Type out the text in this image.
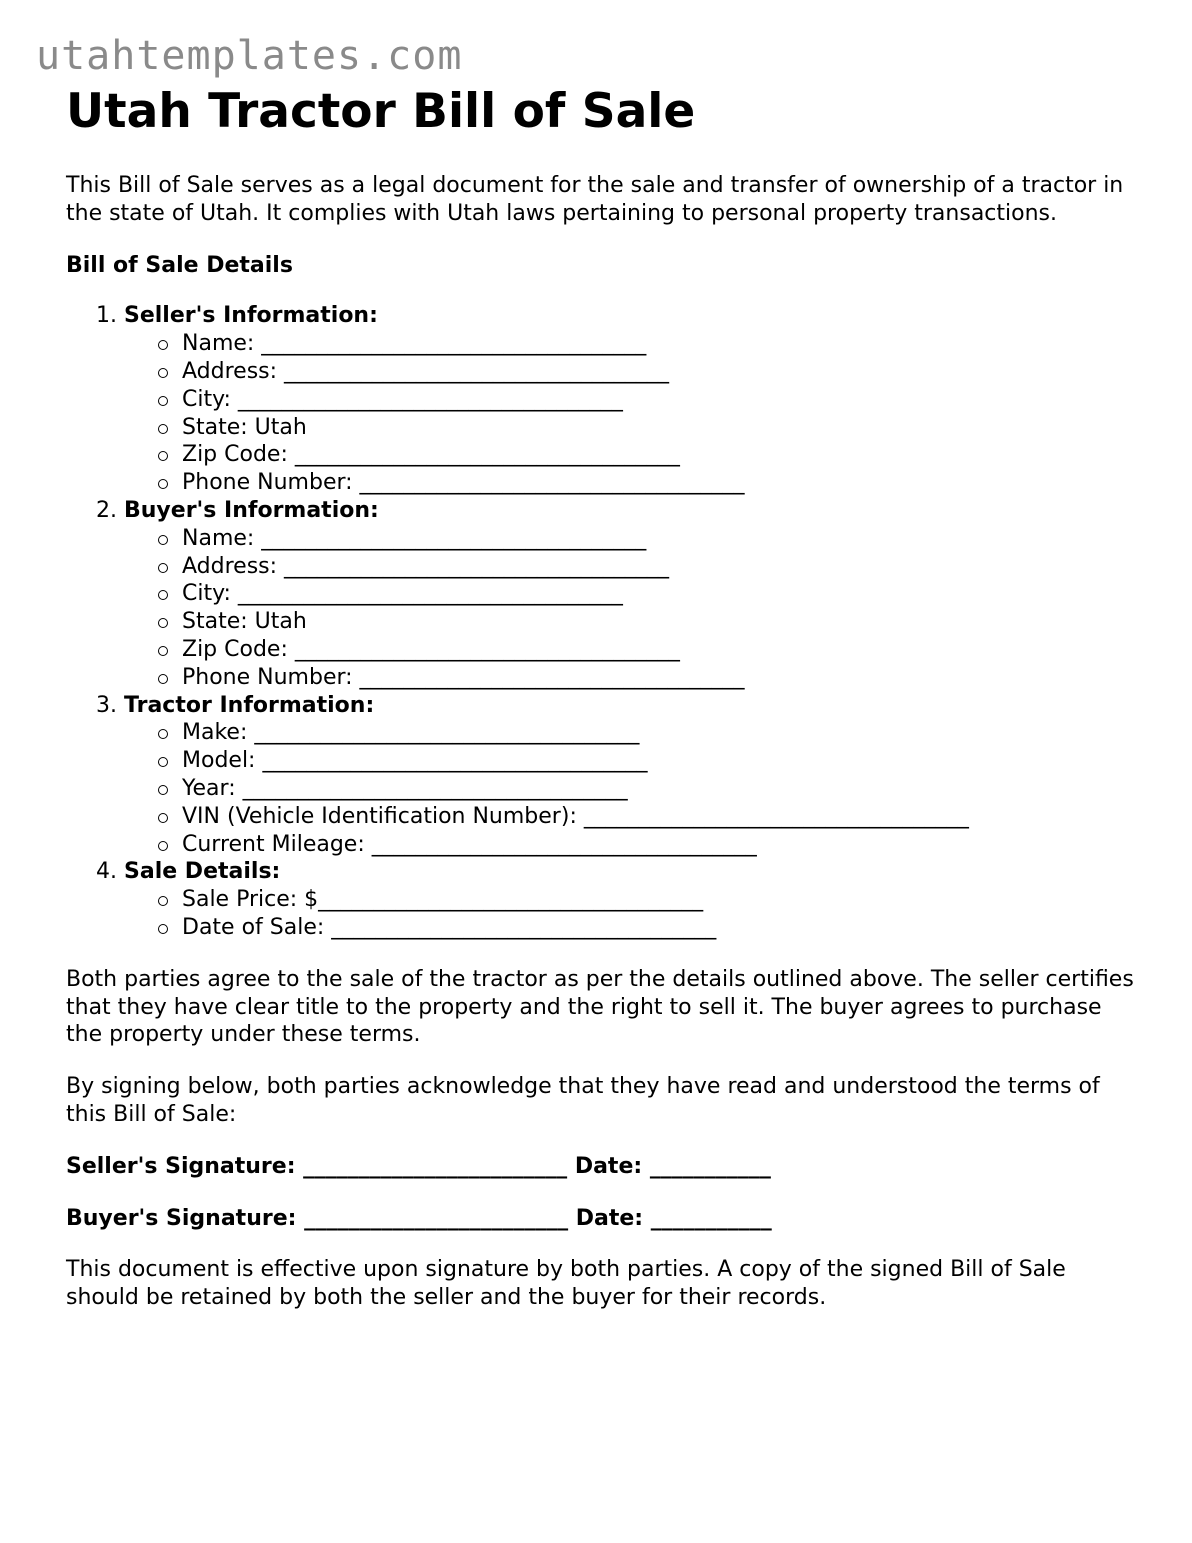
utahtemplates.com
Utah Tractor Bill of Sale

This Bill of Sale serves as a legal document for the sale and transfer of ownership of a tractor in the state of Utah. It complies with Utah laws pertaining to personal property transactions.

Bill of Sale Details

1. Seller's Information:
Name: ___________________________________
Address: ___________________________________
City: ___________________________________
State: Utah
Zip Code: ___________________________________
Phone Number: ___________________________________
2. Buyer's Information:
Name: ___________________________________
Address: ___________________________________
City: ___________________________________
State: Utah
Zip Code: ___________________________________
Phone Number: ___________________________________
3. Tractor Information:
Make: ___________________________________
Model: ___________________________________
Year: ___________________________________
VIN (Vehicle Identification Number): ___________________________________
Current Mileage: ___________________________________
4. Sale Details:
Sale Price: $___________________________________
Date of Sale: ___________________________________

Both parties agree to the sale of the tractor as per the details outlined above. The seller certifies that they have clear title to the property and the right to sell it. The buyer agrees to purchase the property under these terms.

By signing below, both parties acknowledge that they have read and understood the terms of this Bill of Sale:

Seller's Signature: ________________________ Date: ___________

Buyer's Signature: ________________________ Date: ___________

This document is effective upon signature by both parties. A copy of the signed Bill of Sale should be retained by both the seller and the buyer for their records.
